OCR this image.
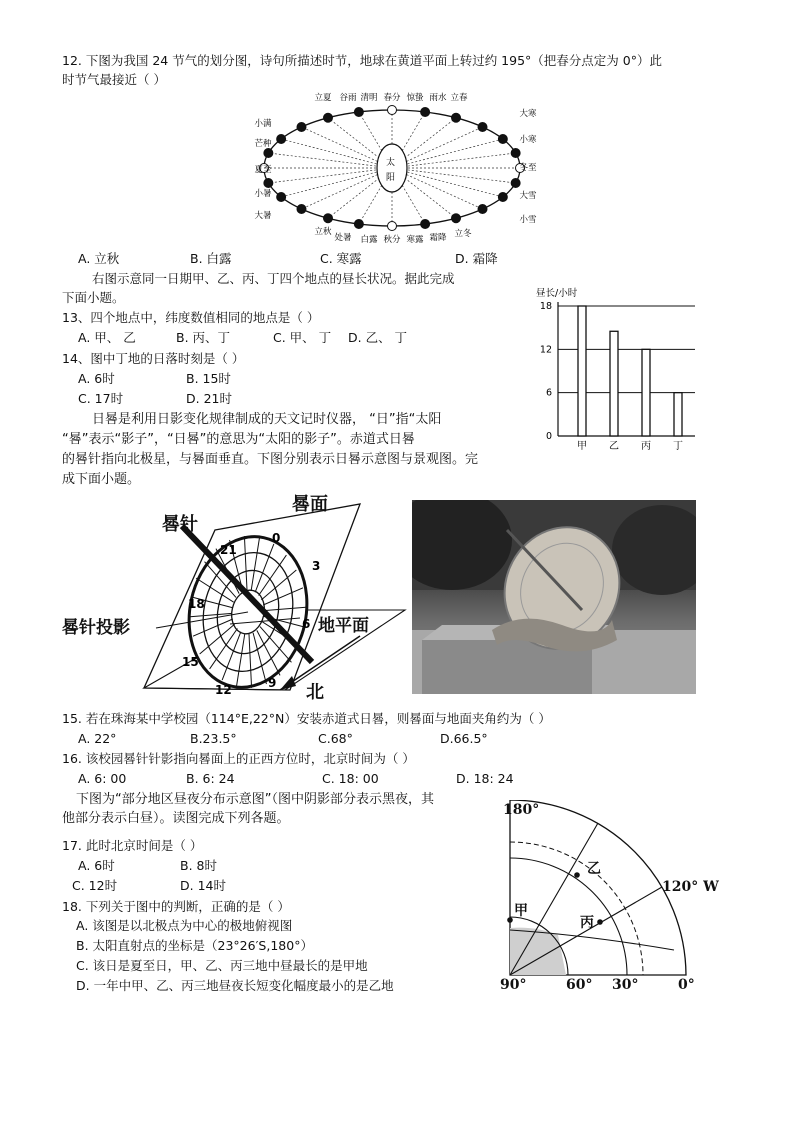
12. 下图为我国 24 节气的划分图，诗句所描述时节，地球在黄道平面上转过约 195°（把春分点定为 0°）此
时节气最接近（ ）
太
阳
立夏 谷雨 清明 春分 惊蛰 雨水 立春
小满
芒种
夏至
小暑
大暑
大寒
小寒
冬至
大雪
小雪
立秋
处暑 白露 秋分 寒露 霜降 立冬
A. 立秋	B. 白露	C. 寒露	D. 霜降
右图示意同一日期甲、乙、丙、丁四个地点的昼长状况。据此完成
下面小题。	昼长/小时
0
6
12
18
甲 乙 丙 丁
13、四个地点中，纬度数值相同的地点是（ ）
A. 甲、 乙	B. 丙、丁	C. 甲、 丁 D. 乙、 丁
14、图中丁地的日落时刻是（ ）
A. 6时	B. 15时
C. 17时	D. 21时
日晷是利用日影变化规律制成的天文记时仪器， “日”指“太阳
“晷”表示“影子”，“日晷”的意思为“太阳的影子”。赤道式日晷
的晷针指向北极星，与晷面垂直。下图分别表示日晷示意图与景观图。完
成下面小题。
0
3
6
9
12
15
18
21
晷针
晷面
晷针投影	地平面
北
15. 若在珠海某中学校园（114°E,22°N）安装赤道式日晷，则晷面与地面夹角约为（ ）
A. 22°	B.23.5°	C.68°	D.66.5°
16. 该校园晷针针影指向晷面上的正西方位时，北京时间为（ ）
A. 6: 00	B. 6: 24	C. 18: 00	D. 18: 24
下图为“部分地区昼夜分布示意图”（图中阴影部分表示黑夜，其
他部分表示白昼）。读图完成下列各题。
17. 此时北京时间是（ ）
A. 6时	B. 8时
C. 12时	D. 14时
18. 下列关于图中的判断，正确的是（ ）
A. 该图是以北极点为中心的极地俯视图
B. 太阳直射点的坐标是（23°26′S,180°）
C. 该日是夏至日，甲、乙、丙三地中昼最长的是甲地
D. 一年中甲、乙、丙三地昼夜长短变化幅度最小的是乙地
180°
120° W
90°	60° 30°	0°
甲
乙
丙
